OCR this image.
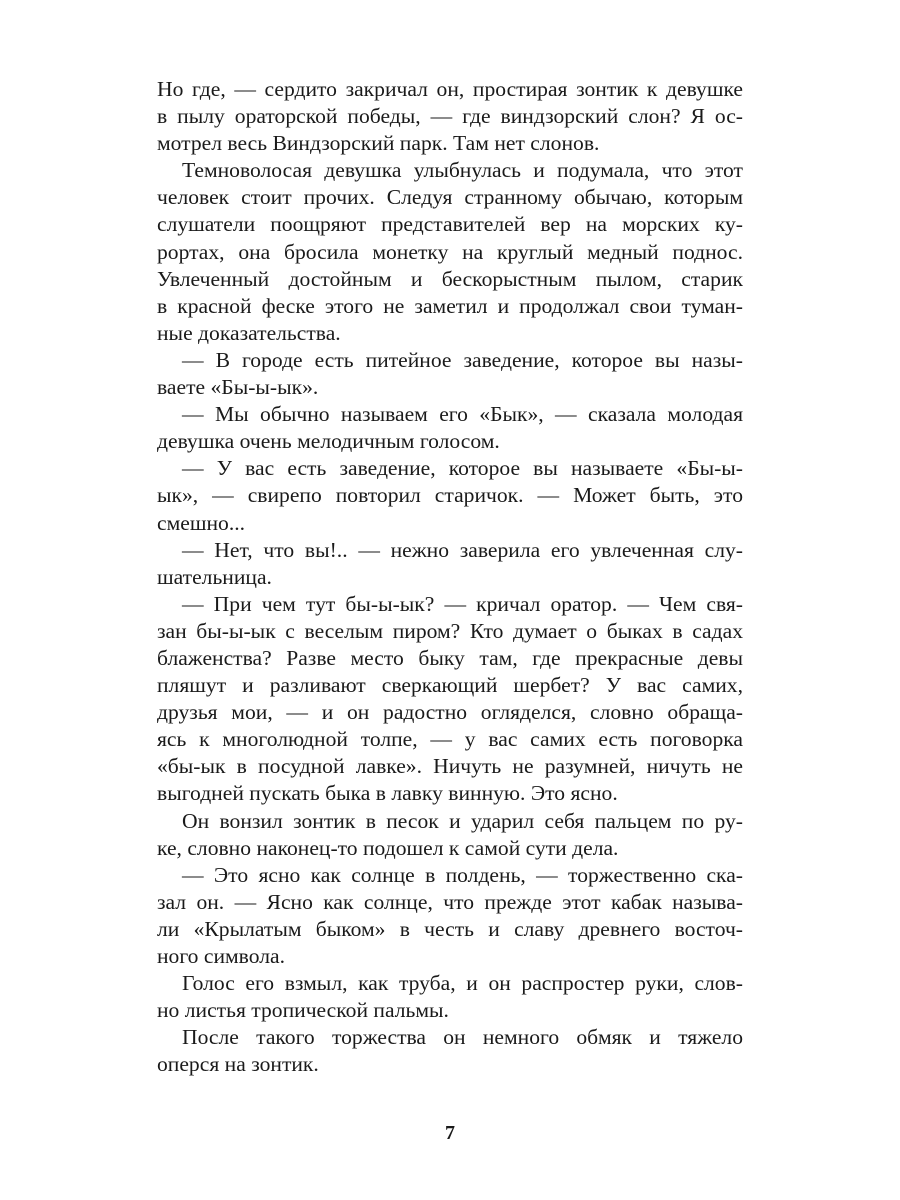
Но где, — сердито закричал он, простирая зонтик к девушке
в пылу ораторской победы, — где виндзорский слон? Я ос-
мотрел весь Виндзорский парк. Там нет слонов.
Темноволосая девушка улыбнулась и подумала, что этот
человек стоит прочих. Следуя странному обычаю, которым
слушатели поощряют представителей вер на морских ку-
рортах, она бросила монетку на круглый медный поднос.
Увлеченный достойным и бескорыстным пылом, старик
в красной феске этого не заметил и продолжал свои туман-
ные доказательства.
— В городе есть питейное заведение, которое вы назы-
ваете «Бы-ы-ык».
— Мы обычно называем его «Бык», — сказала молодая
девушка очень мелодичным голосом.
— У вас есть заведение, которое вы называете «Бы-ы-
ык», — свирепо повторил старичок. — Может быть, это
смешно...
— Нет, что вы!.. — нежно заверила его увлеченная слу-
шательница.
— При чем тут бы-ы-ык? — кричал оратор. — Чем свя-
зан бы-ы-ык с веселым пиром? Кто думает о быках в садах
блаженства? Разве место быку там, где прекрасные девы
пляшут и разливают сверкающий шербет? У вас самих,
друзья мои, — и он радостно огляделся, словно обраща-
ясь к многолюдной толпе, — у вас самих есть поговорка
«бы-ык в посудной лавке». Ничуть не разумней, ничуть не
выгодней пускать быка в лавку винную. Это ясно.
Он вонзил зонтик в песок и ударил себя пальцем по ру-
ке, словно наконец-то подошел к самой сути дела.
— Это ясно как солнце в полдень, — торжественно ска-
зал он. — Ясно как солнце, что прежде этот кабак называ-
ли «Крылатым быком» в честь и славу древнего восточ-
ного символа.
Голос его взмыл, как труба, и он распростер руки, слов-
но листья тропической пальмы.
После такого торжества он немного обмяк и тяжело
оперся на зонтик.
7
